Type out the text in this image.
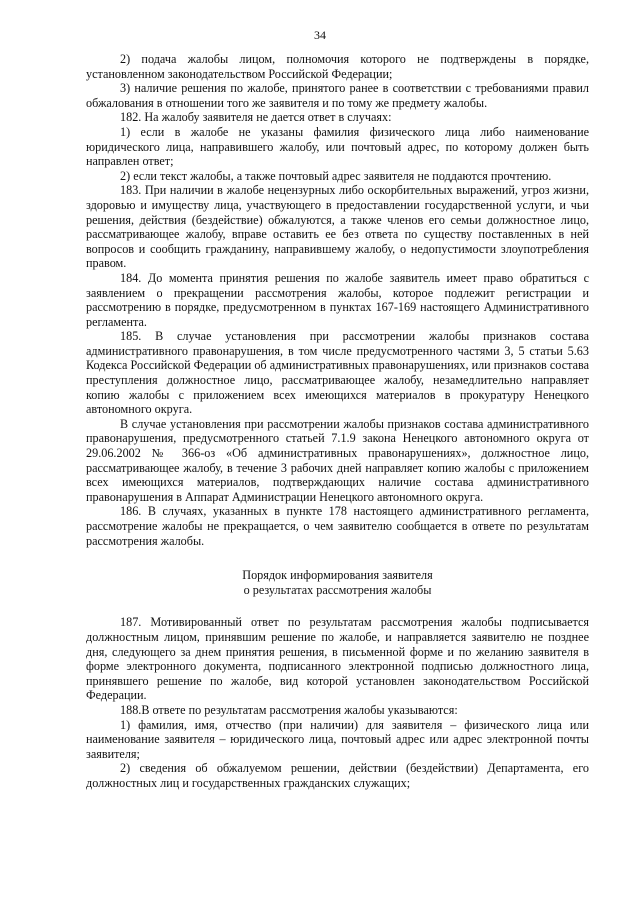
34

2) подача жалобы лицом, полномочия которого не подтверждены в порядке, установленном законодательством Российской Федерации;

3) наличие решения по жалобе, принятого ранее в соответствии с требованиями правил обжалования в отношении того же заявителя и по тому же предмету жалобы.

182. На жалобу заявителя не дается ответ в случаях:

1) если в жалобе не указаны фамилия физического лица либо наименование юридического лица, направившего жалобу, или почтовый адрес, по которому должен быть направлен ответ;

2) если текст жалобы, а также почтовый адрес заявителя не поддаются прочтению.

183. При наличии в жалобе нецензурных либо оскорбительных выражений, угроз жизни, здоровью и имуществу лица, участвующего в предоставлении государственной услуги, и чьи решения, действия (бездействие) обжалуются, а также членов его семьи должностное лицо, рассматривающее жалобу, вправе оставить ее без ответа по существу поставленных в ней вопросов и сообщить гражданину, направившему жалобу, о недопустимости злоупотребления правом.

184. До момента принятия решения по жалобе заявитель имеет право обратиться с заявлением о прекращении рассмотрения жалобы, которое подлежит регистрации и рассмотрению в порядке, предусмотренном в пунктах 167-169 настоящего Административного регламента.

185. В случае установления при рассмотрении жалобы признаков состава административного правонарушения, в том числе предусмотренного частями 3, 5 статьи 5.63 Кодекса Российской Федерации об административных правонарушениях, или признаков состава преступления должностное лицо, рассматривающее жалобу, незамедлительно направляет копию жалобы с приложением всех имеющихся материалов в прокуратуру Ненецкого автономного округа.

В случае установления при рассмотрении жалобы признаков состава административного правонарушения, предусмотренного статьей 7.1.9 закона Ненецкого автономного округа от 29.06.2002 № 366-оз «Об административных правонарушениях», должностное лицо, рассматривающее жалобу, в течение 3 рабочих дней направляет копию жалобы с приложением всех имеющихся материалов, подтверждающих наличие состава административного правонарушения в Аппарат Администрации Ненецкого автономного округа.

186. В случаях, указанных в пункте 178 настоящего административного регламента, рассмотрение жалобы не прекращается, о чем заявителю сообщается в ответе по результатам рассмотрения жалобы.

Порядок информирования заявителя

о результатах рассмотрения жалобы

187. Мотивированный ответ по результатам рассмотрения жалобы подписывается должностным лицом, принявшим решение по жалобе, и направляется заявителю не позднее дня, следующего за днем принятия решения, в письменной форме и по желанию заявителя в форме электронного документа, подписанного электронной подписью должностного лица, принявшего решение по жалобе, вид которой установлен законодательством Российской Федерации.

188.В ответе по результатам рассмотрения жалобы указываются:

1) фамилия, имя, отчество (при наличии) для заявителя – физического лица или наименование заявителя – юридического лица, почтовый адрес или адрес электронной почты заявителя;

2) сведения об обжалуемом решении, действии (бездействии) Департамента, его должностных лиц и государственных гражданских служащих;
